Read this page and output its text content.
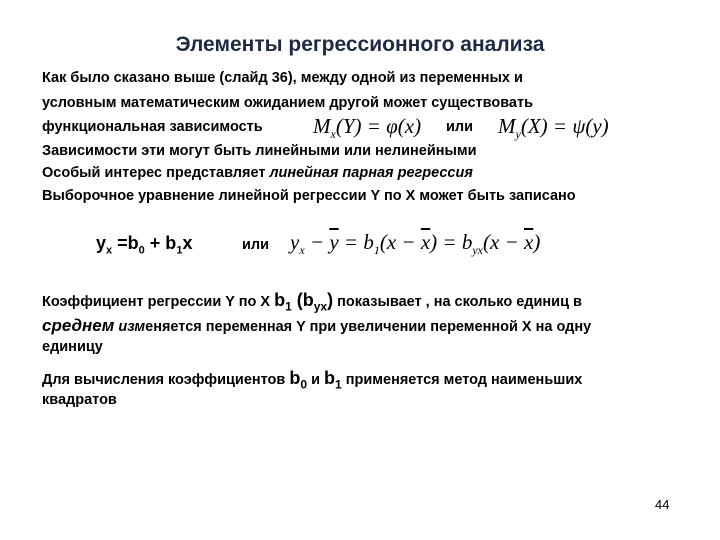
Элементы регрессионного анализа
Как было сказано выше (слайд 36), между одной из переменных и
условным математическим ожиданием другой может существовать
функциональная зависимость $M_x(Y) = \varphi(x)$ или $M_y(X) = \psi(y)$
Зависимости эти могут быть линейными или нелинейными
Особый интерес представляет линейная парная регрессия
Выборочное уравнение линейной регрессии Y по X может быть записано
$y_x =b_0 + b_1x$	или $y_x - \overline{y} = b_1(x - \overline{x}) = b_{yx}(x - \overline{x})$
Коэффициент регрессии Y по X $b_1$ $(b_{yx})$ показывает , на сколько единиц в
среднем изменяется переменная Y при увеличении переменной X на одну
единицу
Для вычисления коэффициентов $b_0$ и $b_1$ применяется метод наименьших
квадратов
44
